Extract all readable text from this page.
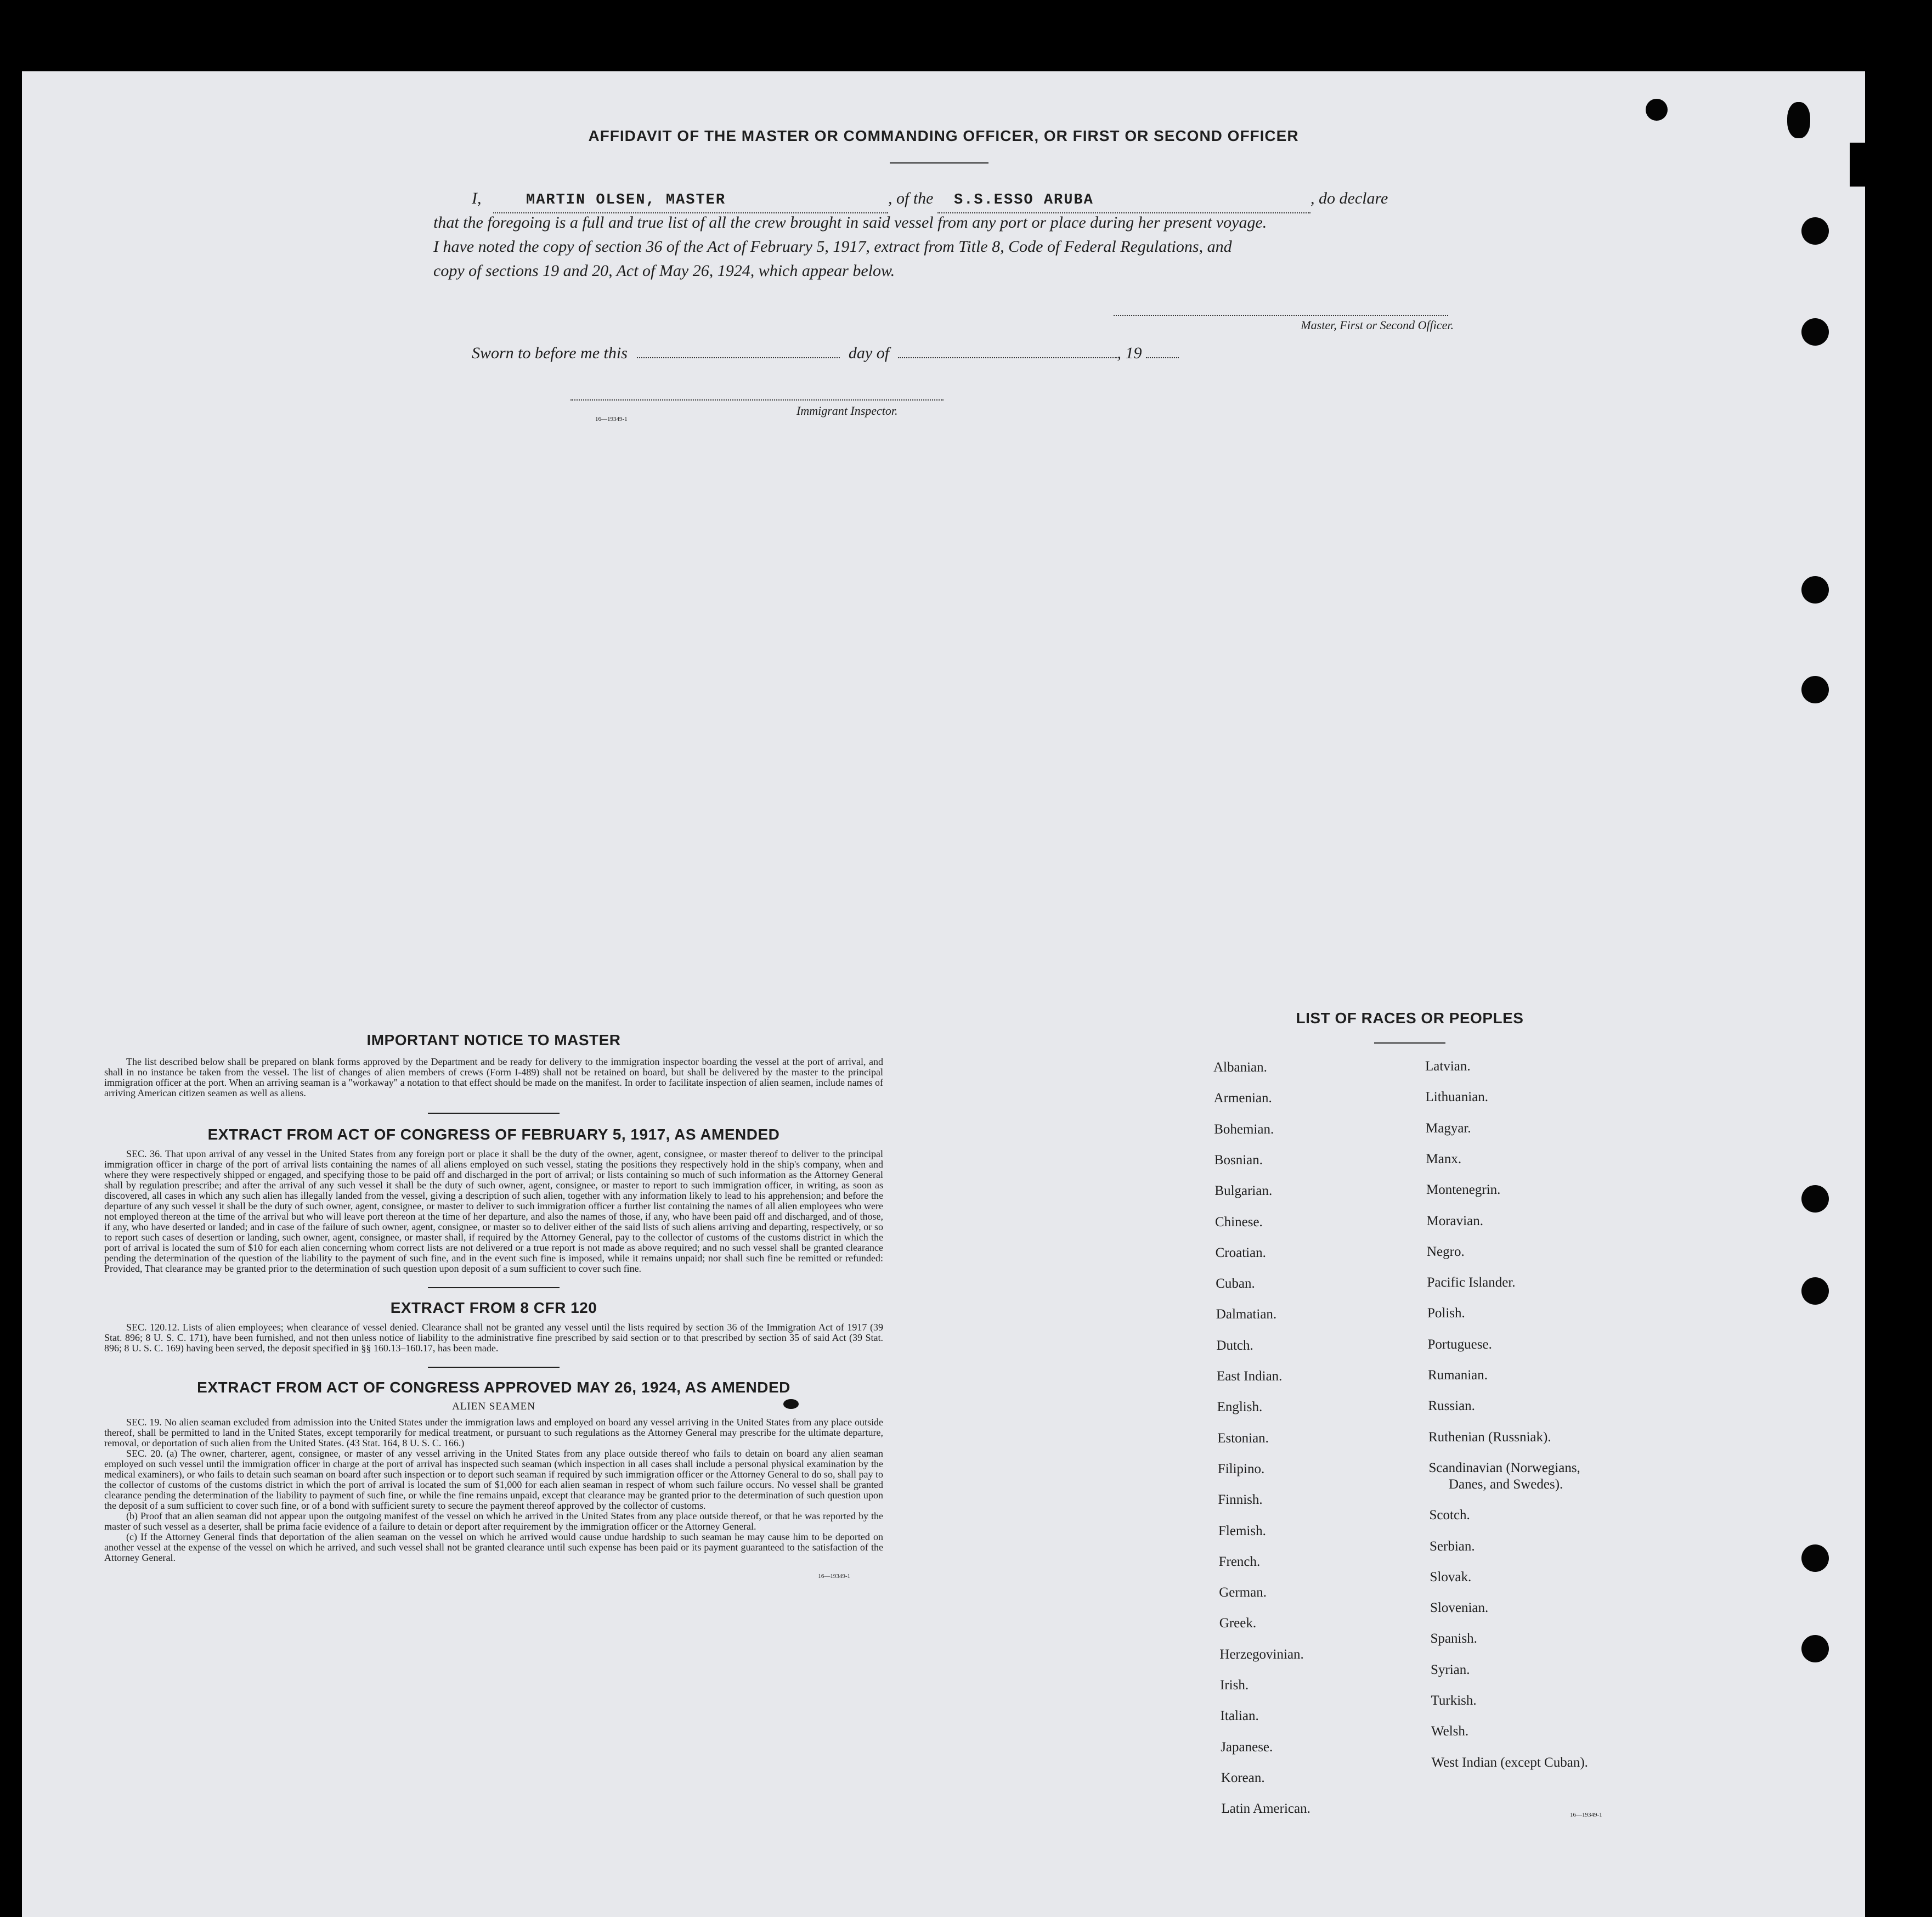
AFFIDAVIT OF THE MASTER OR COMMANDING OFFICER, OR FIRST OR SECOND OFFICER
I,	MARTIN OLSEN, MASTER	, of the S.S.ESSO ARUBA	, do declare
that the foregoing is a full and true list of all the crew brought in said vessel from any port or place during her present voyage.
I have noted the copy of section 36 of the Act of February 5, 1917, extract from Title 8, Code of Federal Regulations, and
copy of sections 19 and 20, Act of May 26, 1924, which appear below.
Master, First or Second Officer.
Sworn to before me this	day of	, 19
16—19349-1
Immigrant Inspector.
IMPORTANT NOTICE TO MASTER

The list described below shall be prepared on blank forms approved by the Department and be ready for delivery to the immigration inspector boarding the vessel at the port of arrival, and shall in no instance be taken from the vessel. The list of changes of alien members of crews (Form I-489) shall not be retained on board, but shall be delivered by the master to the principal immigration officer at the port. When an arriving seaman is a "workaway" a notation to that effect should be made on the manifest. In order to facilitate inspection of alien seamen, include names of arriving American citizen seamen as well as aliens.

EXTRACT FROM ACT OF CONGRESS OF FEBRUARY 5, 1917, AS AMENDED

SEC. 36. That upon arrival of any vessel in the United States from any foreign port or place it shall be the duty of the owner, agent, consignee, or master thereof to deliver to the principal immigration officer in charge of the port of arrival lists containing the names of all aliens employed on such vessel, stating the positions they respectively hold in the ship's company, when and where they were respectively shipped or engaged, and specifying those to be paid off and discharged in the port of arrival; or lists containing so much of such information as the Attorney General shall by regulation prescribe; and after the arrival of any such vessel it shall be the duty of such owner, agent, consignee, or master to report to such immigration officer, in writing, as soon as discovered, all cases in which any such alien has illegally landed from the vessel, giving a description of such alien, together with any information likely to lead to his apprehension; and before the departure of any such vessel it shall be the duty of such owner, agent, consignee, or master to deliver to such immigration officer a further list containing the names of all alien employees who were not employed thereon at the time of the arrival but who will leave port thereon at the time of her departure, and also the names of those, if any, who have been paid off and discharged, and of those, if any, who have deserted or landed; and in case of the failure of such owner, agent, consignee, or master so to deliver either of the said lists of such aliens arriving and departing, respectively, or so to report such cases of desertion or landing, such owner, agent, consignee, or master shall, if required by the Attorney General, pay to the collector of customs of the customs district in which the port of arrival is located the sum of $10 for each alien concerning whom correct lists are not delivered or a true report is not made as above required; and no such vessel shall be granted clearance pending the determination of the question of the liability to the payment of such fine, and in the event such fine is imposed, while it remains unpaid; nor shall such fine be remitted or refunded: Provided, That clearance may be granted prior to the determination of such question upon deposit of a sum sufficient to cover such fine.

EXTRACT FROM 8 CFR 120

SEC. 120.12. Lists of alien employees; when clearance of vessel denied. Clearance shall not be granted any vessel until the lists required by section 36 of the Immigration Act of 1917 (39 Stat. 896; 8 U. S. C. 171), have been furnished, and not then unless notice of liability to the administrative fine prescribed by said section or to that prescribed by section 35 of said Act (39 Stat. 896; 8 U. S. C. 169) having been served, the deposit specified in §§ 160.13–160.17, has been made.

EXTRACT FROM ACT OF CONGRESS APPROVED MAY 26, 1924, AS AMENDED
ALIEN SEAMEN

SEC. 19. No alien seaman excluded from admission into the United States under the immigration laws and employed on board any vessel arriving in the United States from any place outside thereof, shall be permitted to land in the United States, except temporarily for medical treatment, or pursuant to such regulations as the Attorney General may prescribe for the ultimate departure, removal, or deportation of such alien from the United States. (43 Stat. 164, 8 U. S. C. 166.)

SEC. 20. (a) The owner, charterer, agent, consignee, or master of any vessel arriving in the United States from any place outside thereof who fails to detain on board any alien seaman employed on such vessel until the immigration officer in charge at the port of arrival has inspected such seaman (which inspection in all cases shall include a personal physical examination by the medical examiners), or who fails to detain such seaman on board after such inspection or to deport such seaman if required by such immigration officer or the Attorney General to do so, shall pay to the collector of customs of the customs district in which the port of arrival is located the sum of $1,000 for each alien seaman in respect of whom such failure occurs. No vessel shall be granted clearance pending the determination of the liability to payment of such fine, or while the fine remains unpaid, except that clearance may be granted prior to the determination of such question upon the deposit of a sum sufficient to cover such fine, or of a bond with sufficient surety to secure the payment thereof approved by the collector of customs.

(b) Proof that an alien seaman did not appear upon the outgoing manifest of the vessel on which he arrived in the United States from any place outside thereof, or that he was reported by the master of such vessel as a deserter, shall be prima facie evidence of a failure to detain or deport after requirement by the immigration officer or the Attorney General.

(c) If the Attorney General finds that deportation of the alien seaman on the vessel on which he arrived would cause undue hardship to such seaman he may cause him to be deported on another vessel at the expense of the vessel on which he arrived, and such vessel shall not be granted clearance until such expense has been paid or its payment guaranteed to the satisfaction of the Attorney General.

16—19349-1
LIST OF RACES OR PEOPLES
Albanian.
Armenian.
Bohemian.
Bosnian.
Bulgarian.
Chinese.
Croatian.
Cuban.
Dalmatian.
Dutch.
East Indian.
English.
Estonian.
Filipino.
Finnish.
Flemish.
French.
German.
Greek.
Herzegovinian.
Irish.
Italian.
Japanese.
Korean.
Latin American.
Latvian.
Lithuanian.
Magyar.
Manx.
Montenegrin.
Moravian.
Negro.
Pacific Islander.
Polish.
Portuguese.
Rumanian.
Russian.
Ruthenian (Russniak).
Scandinavian (Norwegians,
Danes, and Swedes).
Scotch.
Serbian.
Slovak.
Slovenian.
Spanish.
Syrian.
Turkish.
Welsh.
West Indian (except Cuban).
16—19349-1
